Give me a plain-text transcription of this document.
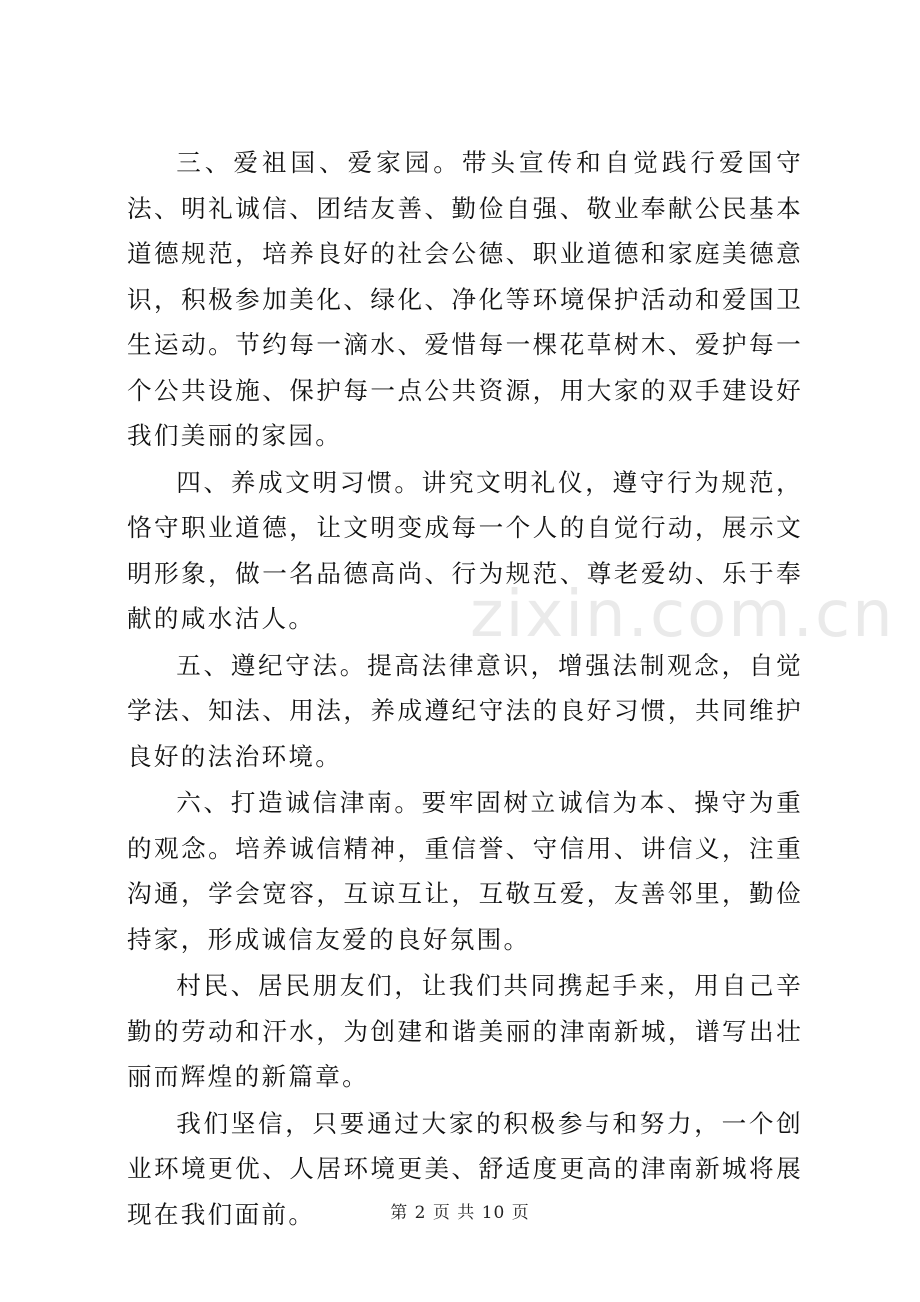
三、爱祖国、爱家园。带头宣传和自觉践行爱国守法、明礼诚信、团结友善、勤俭自强、敬业奉献公民基本道德规范，培养良好的社会公德、职业道德和家庭美德意识，积极参加美化、绿化、净化等环境保护活动和爱国卫生运动。节约每一滴水、爱惜每一棵花草树木、爱护每一个公共设施、保护每一点公共资源，用大家的双手建设好我们美丽的家园。

四、养成文明习惯。讲究文明礼仪，遵守行为规范，恪守职业道德，让文明变成每一个人的自觉行动，展示文明形象，做一名品德高尚、行为规范、尊老爱幼、乐于奉献的咸水沽人。

五、遵纪守法。提高法律意识，增强法制观念，自觉学法、知法、用法，养成遵纪守法的良好习惯，共同维护良好的法治环境。

六、打造诚信津南。要牢固树立诚信为本、操守为重的观念。培养诚信精神，重信誉、守信用、讲信义，注重沟通，学会宽容，互谅互让，互敬互爱，友善邻里，勤俭持家，形成诚信友爱的良好氛围。

村民、居民朋友们，让我们共同携起手来，用自己辛勤的劳动和汗水，为创建和谐美丽的津南新城，谱写出壮丽而辉煌的新篇章。

我们坚信，只要通过大家的积极参与和努力，一个创业环境更优、人居环境更美、舒适度更高的津南新城将展现在我们面前。

zixin.com.cn
第 2 页 共 10 页
